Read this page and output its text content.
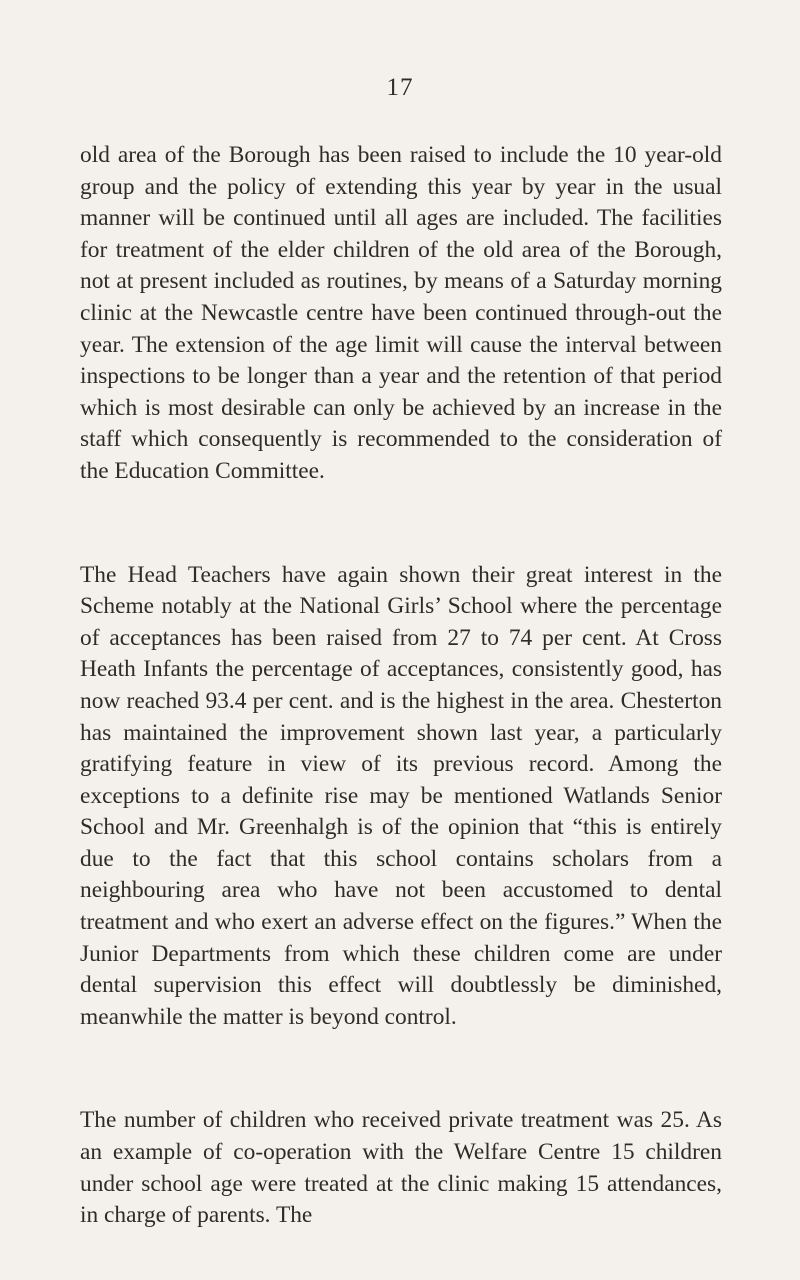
17

old area of the Borough has been raised to include the 10 year-old group and the policy of extending this year by year in the usual manner will be continued until all ages are included. The facilities for treatment of the elder children of the old area of the Borough, not at present included as routines, by means of a Saturday morning clinic at the Newcastle centre have been continued through-out the year. The extension of the age limit will cause the interval between inspections to be longer than a year and the retention of that period which is most desirable can only be achieved by an increase in the staff which consequently is recommended to the consideration of the Education Committee.

The Head Teachers have again shown their great interest in the Scheme notably at the National Girls’ School where the percentage of acceptances has been raised from 27 to 74 per cent. At Cross Heath Infants the percentage of acceptances, consistently good, has now reached 93.4 per cent. and is the highest in the area. Chesterton has maintained the improvement shown last year, a particularly gratifying feature in view of its previous record. Among the exceptions to a definite rise may be mentioned Watlands Senior School and Mr. Greenhalgh is of the opinion that “this is entirely due to the fact that this school contains scholars from a neighbouring area who have not been accustomed to dental treatment and who exert an adverse effect on the figures.” When the Junior Departments from which these children come are under dental supervision this effect will doubtlessly be diminished, meanwhile the matter is beyond control.

The number of children who received private treatment was 25. As an example of co-operation with the Welfare Centre 15 children under school age were treated at the clinic making 15 attendances, in charge of parents. The
